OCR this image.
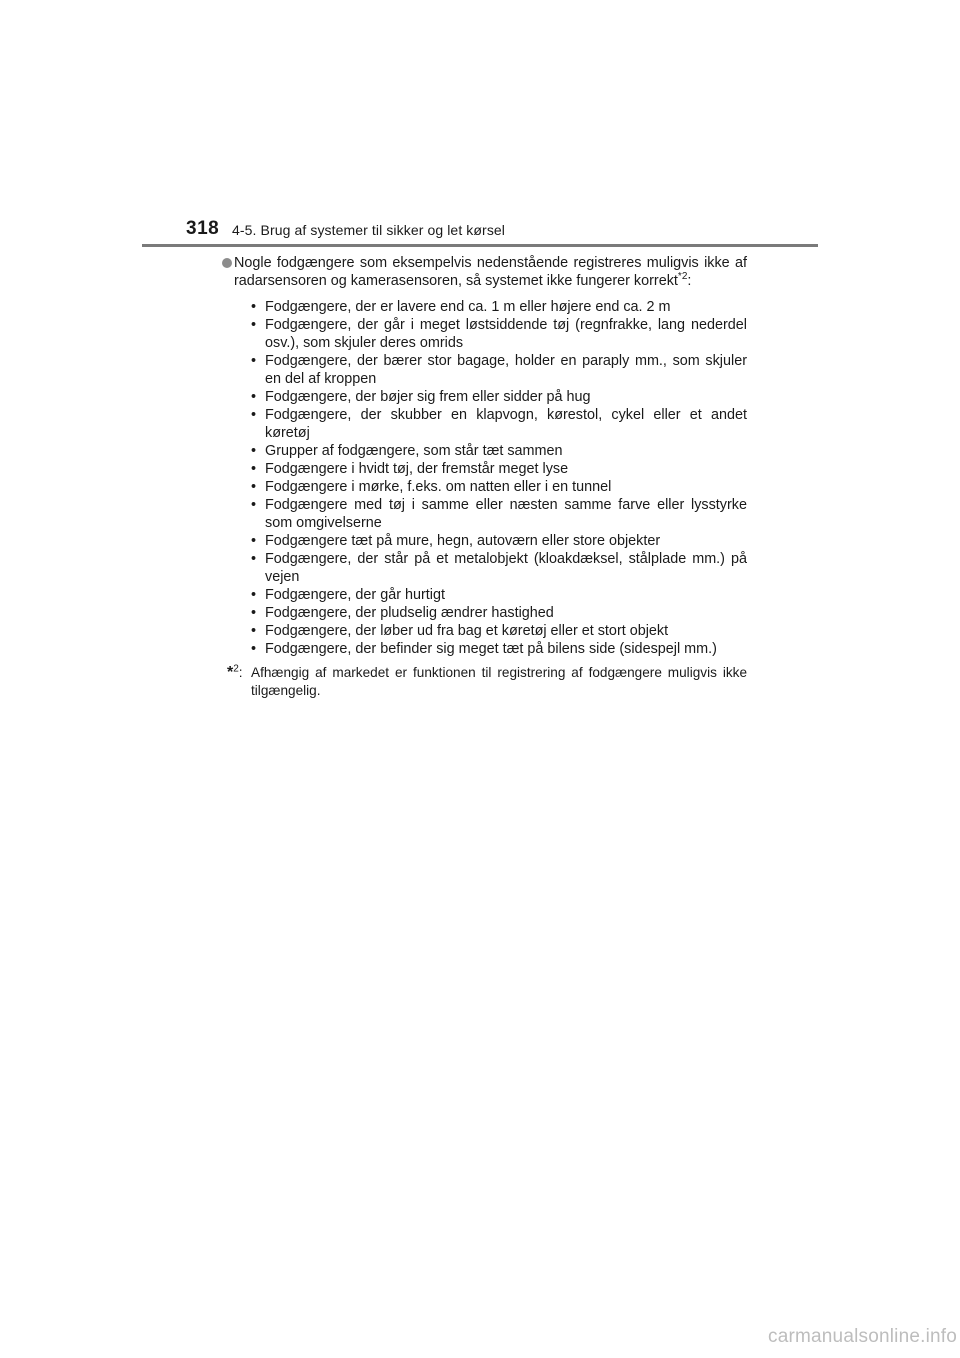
318 4-5. Brug af systemer til sikker og let kørsel
Nogle fodgængere som eksempelvis nedenstående registreres muligvis ikke af radarsensoren og kamerasensoren, så systemet ikke fungerer korrekt$^{*2}$:
• Fodgængere, der er lavere end ca. 1 m eller højere end ca. 2 m
• Fodgængere, der går i meget løstsiddende tøj (regnfrakke, lang nederdel osv.), som skjuler deres omrids
• Fodgængere, der bærer stor bagage, holder en paraply mm., som skjuler en del af kroppen
• Fodgængere, der bøjer sig frem eller sidder på hug
• Fodgængere, der skubber en klapvogn, kørestol, cykel eller et andet køretøj
• Grupper af fodgængere, som står tæt sammen
• Fodgængere i hvidt tøj, der fremstår meget lyse
• Fodgængere i mørke, f.eks. om natten eller i en tunnel
• Fodgængere med tøj i samme eller næsten samme farve eller lysstyrke som omgivelserne
• Fodgængere tæt på mure, hegn, autoværn eller store objekter
• Fodgængere, der står på et metalobjekt (kloakdæksel, stålplade mm.) på vejen
• Fodgængere, der går hurtigt
• Fodgængere, der pludselig ændrer hastighed
• Fodgængere, der løber ud fra bag et køretøj eller et stort objekt
• Fodgængere, der befinder sig meget tæt på bilens side (sidespejl mm.)
*$^2$: Afhængig af markedet er funktionen til registrering af fodgængere muligvis ikke tilgængelig.
carmanualsonline.info
